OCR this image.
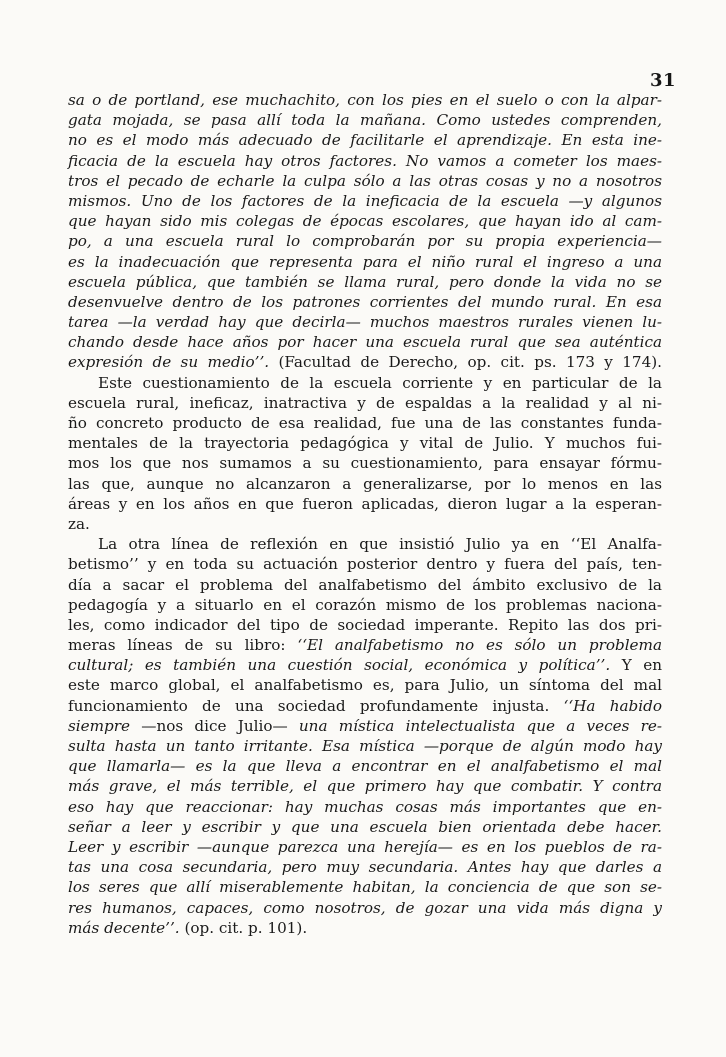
31
sa o de portland, ese muchachito, con los pies en el suelo o con la alpar-
gata mojada, se pasa allí toda la mañana. Como ustedes comprenden,
no es el modo más adecuado de facilitarle el aprendizaje. En esta ine-
ficacia de la escuela hay otros factores. No vamos a cometer los maes-
tros el pecado de echarle la culpa sólo a las otras cosas y no a nosotros
mismos. Uno de los factores de la ineficacia de la escuela —y algunos
que hayan sido mis colegas de épocas escolares, que hayan ido al cam-
po, a una escuela rural lo comprobarán por su propia experiencia—
es la inadecuación que representa para el niño rural el ingreso a una
escuela pública, que también se llama rural, pero donde la vida no se
desenvuelve dentro de los patrones corrientes del mundo rural. En esa
tarea —la verdad hay que decirla— muchos maestros rurales vienen lu-
chando desde hace años por hacer una escuela rural que sea auténtica
expresión de su medio’’. (Facultad de Derecho, op. cit. ps. 173 y 174).
Este cuestionamiento de la escuela corriente y en particular de la
escuela rural, ineficaz, inatractiva y de espaldas a la realidad y al ni-
ño concreto producto de esa realidad, fue una de las constantes funda-
mentales de la trayectoria pedagógica y vital de Julio. Y muchos fui-
mos los que nos sumamos a su cuestionamiento, para ensayar fórmu-
las que, aunque no alcanzaron a generalizarse, por lo menos en las
áreas y en los años en que fueron aplicadas, dieron lugar a la esperan-
za.
La otra línea de reflexión en que insistió Julio ya en ‘‘El Analfa-
betismo’’ y en toda su actuación posterior dentro y fuera del país, ten-
día a sacar el problema del analfabetismo del ámbito exclusivo de la
pedagogía y a situarlo en el corazón mismo de los problemas naciona-
les, como indicador del tipo de sociedad imperante. Repito las dos pri-
meras líneas de su libro: ‘‘El analfabetismo no es sólo un problema
cultural; es también una cuestión social, económica y política’’. Y en
este marco global, el analfabetismo es, para Julio, un síntoma del mal
funcionamiento de una sociedad profundamente injusta. ‘‘Ha habido
siempre —nos dice Julio— una mística intelectualista que a veces re-
sulta hasta un tanto irritante. Esa mística —porque de algún modo hay
que llamarla— es la que lleva a encontrar en el analfabetismo el mal
más grave, el más terrible, el que primero hay que combatir. Y contra
eso hay que reaccionar: hay muchas cosas más importantes que en-
señar a leer y escribir y que una escuela bien orientada debe hacer.
Leer y escribir —aunque parezca una herejía— es en los pueblos de ra-
tas una cosa secundaria, pero muy secundaria. Antes hay que darles a
los seres que allí miserablemente habitan, la conciencia de que son se-
res humanos, capaces, como nosotros, de gozar una vida más digna y
más decente’’. (op. cit. p. 101).
